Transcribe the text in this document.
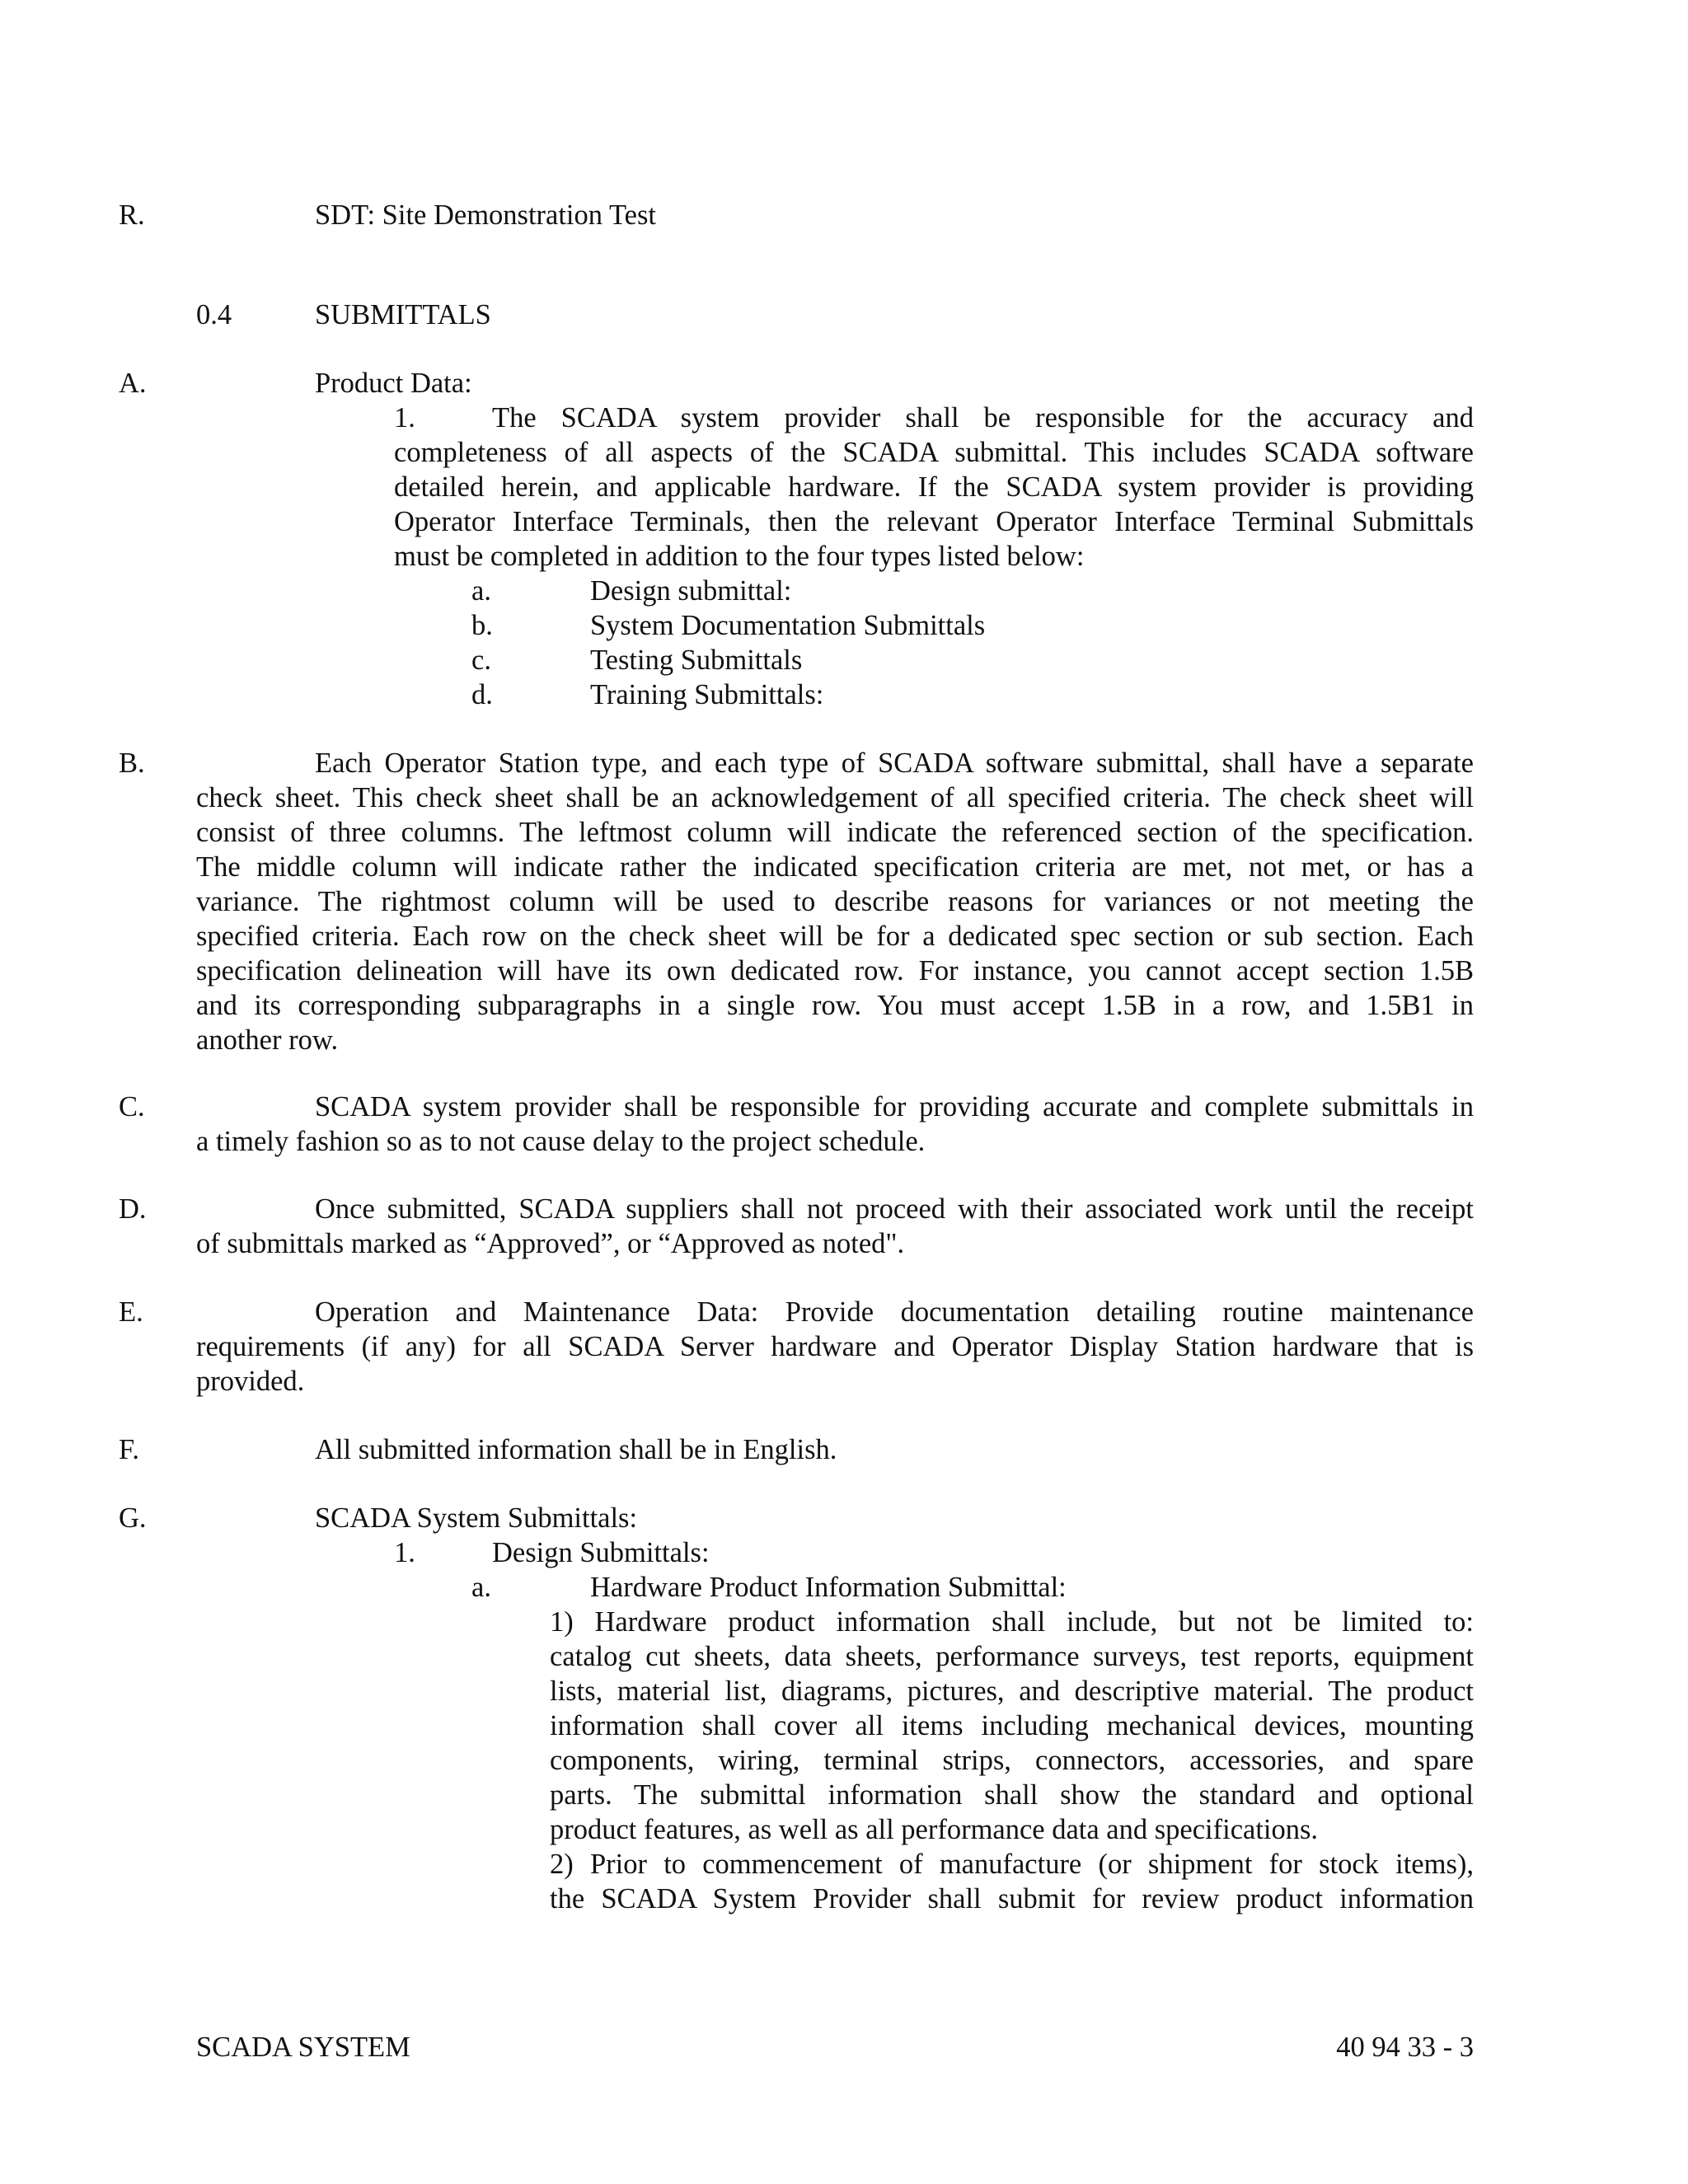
R.	SDT: Site Demonstration Test
0.4	SUBMITTALS
A.	Product Data:
1.	The SCADA system provider shall be responsible for the accuracy and
completeness of all aspects of the SCADA submittal. This includes SCADA software
detailed herein, and applicable hardware. If the SCADA system provider is providing
Operator Interface Terminals, then the relevant Operator Interface Terminal Submittals
must be completed in addition to the four types listed below:
a.	Design submittal:
b.	System Documentation Submittals
c.	Testing Submittals
d.	Training Submittals:
B.	Each Operator Station type, and each type of SCADA software submittal, shall have a separate
check sheet. This check sheet shall be an acknowledgement of all specified criteria. The check sheet will
consist of three columns. The leftmost column will indicate the referenced section of the specification.
The middle column will indicate rather the indicated specification criteria are met, not met, or has a
variance. The rightmost column will be used to describe reasons for variances or not meeting the
specified criteria. Each row on the check sheet will be for a dedicated spec section or sub section. Each
specification delineation will have its own dedicated row. For instance, you cannot accept section 1.5B
and its corresponding subparagraphs in a single row. You must accept 1.5B in a row, and 1.5B1 in
another row.
C.	SCADA system provider shall be responsible for providing accurate and complete submittals in
a timely fashion so as to not cause delay to the project schedule.
D.	Once submitted, SCADA suppliers shall not proceed with their associated work until the receipt
of submittals marked as “Approved”, or “Approved as noted".
E.	Operation and Maintenance Data: Provide documentation detailing routine maintenance
requirements (if any) for all SCADA Server hardware and Operator Display Station hardware that is
provided.
F.	All submitted information shall be in English.
G.	SCADA System Submittals:
1.	Design Submittals:
a.	Hardware Product Information Submittal:
1) Hardware product information shall include, but not be limited to:
catalog cut sheets, data sheets, performance surveys, test reports, equipment
lists, material list, diagrams, pictures, and descriptive material. The product
information shall cover all items including mechanical devices, mounting
components, wiring, terminal strips, connectors, accessories, and spare
parts. The submittal information shall show the standard and optional
product features, as well as all performance data and specifications.
2) Prior to commencement of manufacture (or shipment for stock items),
the SCADA System Provider shall submit for review product information
SCADA SYSTEM	40 94 33 - 3
